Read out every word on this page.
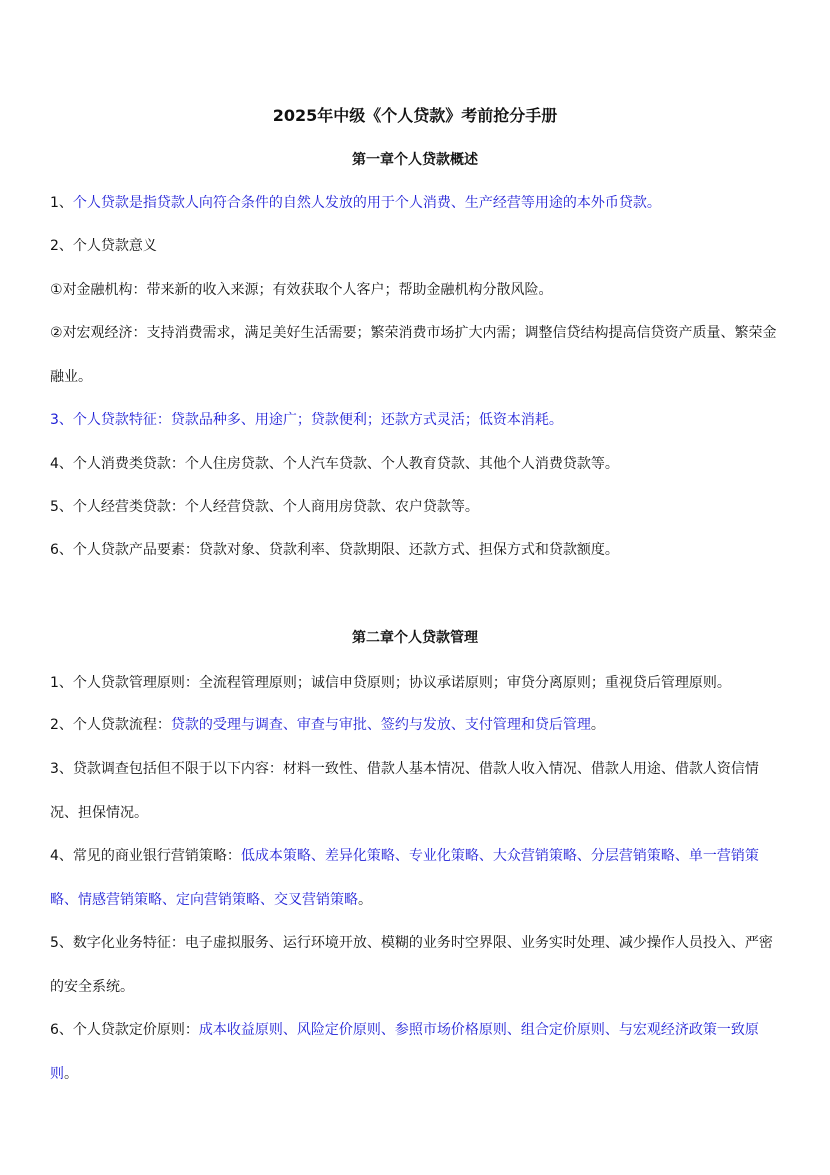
2025年中级《个人贷款》考前抢分手册
第一章个人贷款概述

1、个人贷款是指贷款人向符合条件的自然人发放的用于个人消费、生产经营等用途的本外币贷款。

2、个人贷款意义

①对金融机构：带来新的收入来源；有效获取个人客户；帮助金融机构分散风险。

②对宏观经济：支持消费需求，满足美好生活需要；繁荣消费市场扩大内需；调整信贷结构提高信贷资产质量、繁荣金融业。

3、个人贷款特征：贷款品种多、用途广；贷款便利；还款方式灵活；低资本消耗。

4、个人消费类贷款：个人住房贷款、个人汽车贷款、个人教育贷款、其他个人消费贷款等。

5、个人经营类贷款：个人经营贷款、个人商用房贷款、农户贷款等。

6、个人贷款产品要素：贷款对象、贷款利率、贷款期限、还款方式、担保方式和贷款额度。

第二章个人贷款管理

1、个人贷款管理原则：全流程管理原则；诚信申贷原则；协议承诺原则；审贷分离原则；重视贷后管理原则。

2、个人贷款流程：贷款的受理与调查、审查与审批、签约与发放、支付管理和贷后管理。

3、贷款调查包括但不限于以下内容：材料一致性、借款人基本情况、借款人收入情况、借款人用途、借款人资信情况、担保情况。

4、常见的商业银行营销策略：低成本策略、差异化策略、专业化策略、大众营销策略、分层营销策略、单一营销策略、情感营销策略、定向营销策略、交叉营销策略。

5、数字化业务特征：电子虚拟服务、运行环境开放、模糊的业务时空界限、业务实时处理、减少操作人员投入、严密的安全系统。

6、个人贷款定价原则：成本收益原则、风险定价原则、参照市场价格原则、组合定价原则、与宏观经济政策一致原则。
